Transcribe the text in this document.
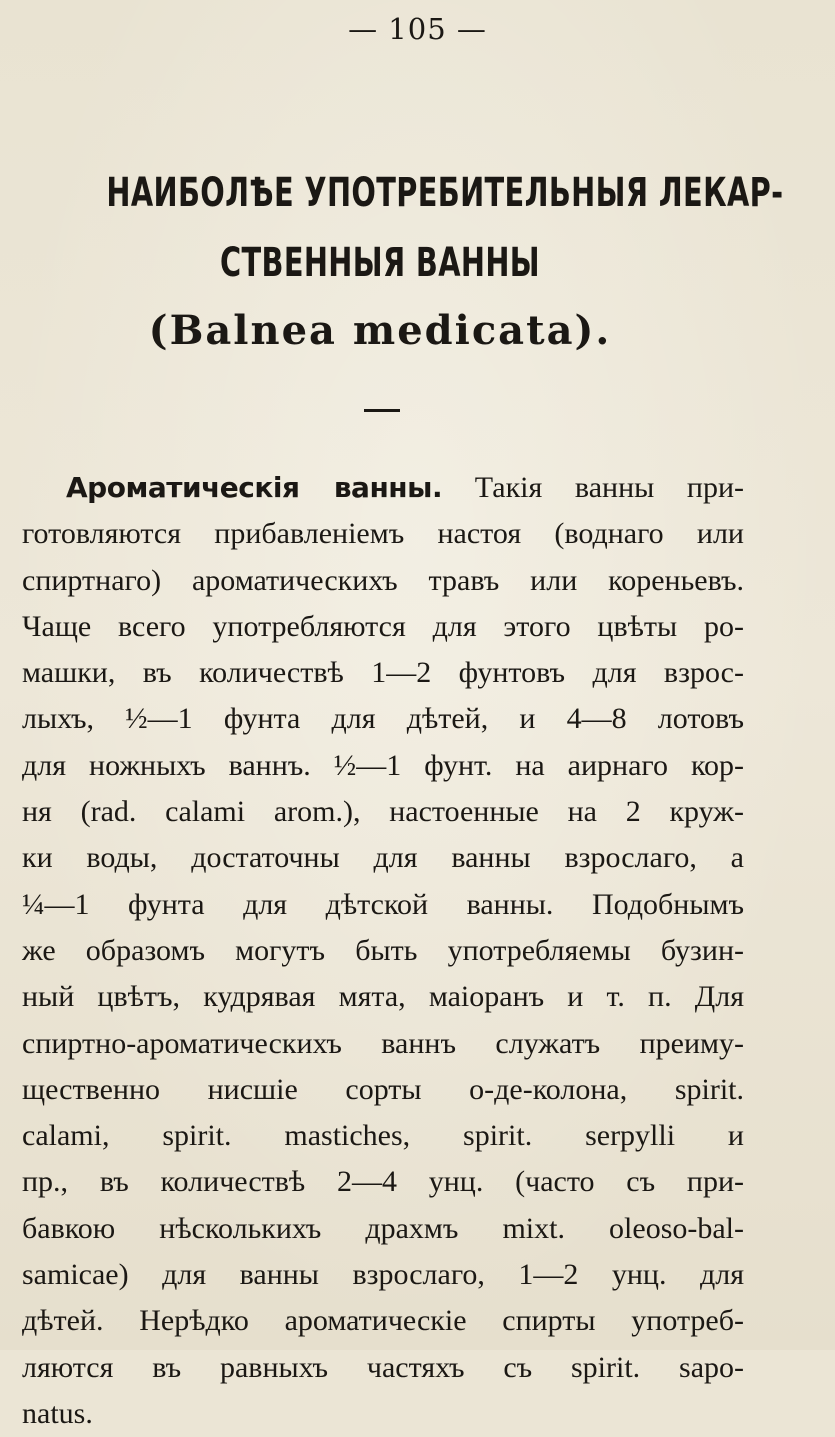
— 105 —
НАИБОЛѢЕ УПОТРЕБИТЕЛЬНЫЯ ЛЕКАР-
СТВЕННЫЯ ВАННЫ
(Balnea medicata).
Ароматическія ванны. Такія ванны при-
готовляются прибавленіемъ настоя (воднаго или
спиртнаго) ароматическихъ травъ или кореньевъ.
Чаще всего употребляются для этого цвѣты ро-
машки, въ количествѣ 1—2 фунтовъ для взрос-
лыхъ, ½—1 фунта для дѣтей, и 4—8 лотовъ
для ножныхъ ваннъ. ½—1 фунт. на аирнаго кор-
ня (rad. calami arom.), настоенные на 2 круж-
ки воды, достаточны для ванны взрослаго, а
¼—1 фунта для дѣтской ванны. Подобнымъ
же образомъ могутъ быть употребляемы бузин-
ный цвѣтъ, кудрявая мята, маіоранъ и т. п. Для
спиртно-ароматическихъ ваннъ служатъ преиму-
щественно нисшіе сорты о-де-колона, spirit.
calami, spirit. mastiches, spirit. serpylli и
пр., въ количествѣ 2—4 унц. (часто съ при-
бавкою нѣсколькихъ драхмъ mixt. oleoso-bal-
samicae) для ванны взрослаго, 1—2 унц. для
дѣтей. Нерѣдко ароматическіе спирты употреб-
ляются въ равныхъ частяхъ съ spirit. sapo-
natus.
